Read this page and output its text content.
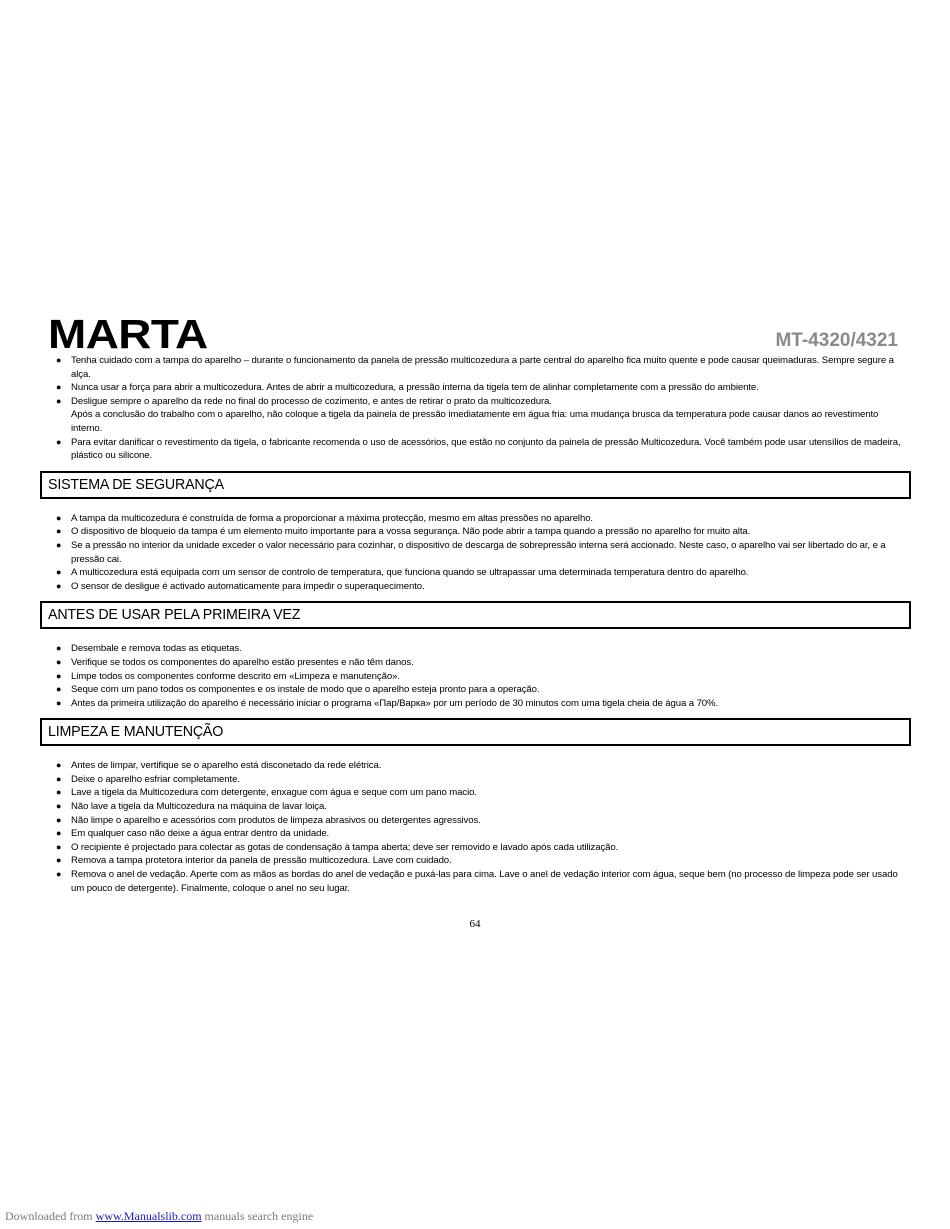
MARTA	MT-4320/4321
● Tenha cuidado com a tampa do aparelho – durante o funcionamento da panela de pressão multicozedura a parte central do aparelho fica muito quente e pode causar queimaduras. Sempre segure a alça.
● Nunca usar a força para abrir a multicozedura. Antes de abrir a multicozedura, a pressão interna da tigela tem de alinhar completamente com a pressão do ambiente.
● Desligue sempre o aparelho da rede no final do processo de cozimento, e antes de retirar o prato da multicozedura.
Após a conclusão do trabalho com o aparelho, não coloque a tigela da painela de pressão imediatamente em água fria: uma mudança brusca da temperatura pode causar danos ao revestimento interno.
● Para evitar danificar o revestimento da tigela, o fabricante recomenda o uso de acessórios, que estão no conjunto da painela de pressão Multicozedura. Você também pode usar utensílios de madeira, plástico ou silicone.
SISTEMA DE SEGURANÇA
● A tampa da multicozedura é construída de forma a proporcionar a máxima protecção, mesmo em altas pressões no aparelho.
● O dispositivo de bloqueio da tampa é um elemento muito importante para a vossa segurança. Não pode abrir a tampa quando a pressão no aparelho for muito alta.
● Se a pressão no interior da unidade exceder o valor necessário para cozinhar, o dispositivo de descarga de sobrepressão interna será accionado. Neste caso, o aparelho vai ser libertado do ar, e a pressão cai.
● A multicozedura está equipada com um sensor de controlo de temperatura, que funciona quando se ultrapassar uma determinada temperatura dentro do aparelho.
● O sensor de desligue é activado automaticamente para impedir o superaquecimento.
ANTES DE USAR PELA PRIMEIRA VEZ
● Desembale e remova todas as etiquetas.
● Verifique se todos os componentes do aparelho estão presentes e não têm danos.
● Limpe todos os componentes conforme descrito em «Limpeza e manutenção».
● Seque com um pano todos os componentes e os instale de modo que o aparelho esteja pronto para a operação.
● Antes da primeira utilização do aparelho é necessário iniciar o programa «Пар/Варка» por um período de 30 minutos com uma tigela cheia de água a 70%.
LIMPEZA E MANUTENÇÃO
● Antes de limpar, vertifique se o aparelho está disconetado da rede elétrica.
● Deixe o aparelho esfriar completamente.
● Lave a tigela da Multicozedura com detergente, enxague com água e seque com um pano macio.
● Não lave a tigela da Multicozedura na máquina de lavar loiça.
● Não limpe o aparelho e acessórios com produtos de limpeza abrasivos ou detergentes agressivos.
● Em qualquer caso não deixe a água entrar dentro da unidade.
● O recipiente é projectado para colectar as gotas de condensação à tampa aberta; deve ser removido e lavado após cada utilização.
● Remova a tampa protetora interior da panela de pressão multicozedura. Lave com cuidado.
● Remova o anel de vedação. Aperte com as mãos as bordas do anel de vedação e puxá-las para cima. Lave o anel de vedação interior com água, seque bem (no processo de limpeza pode ser usado um pouco de detergente). Finalmente, coloque o anel no seu lugar.
64
Downloaded from www.Manualslib.com manuals search engine
